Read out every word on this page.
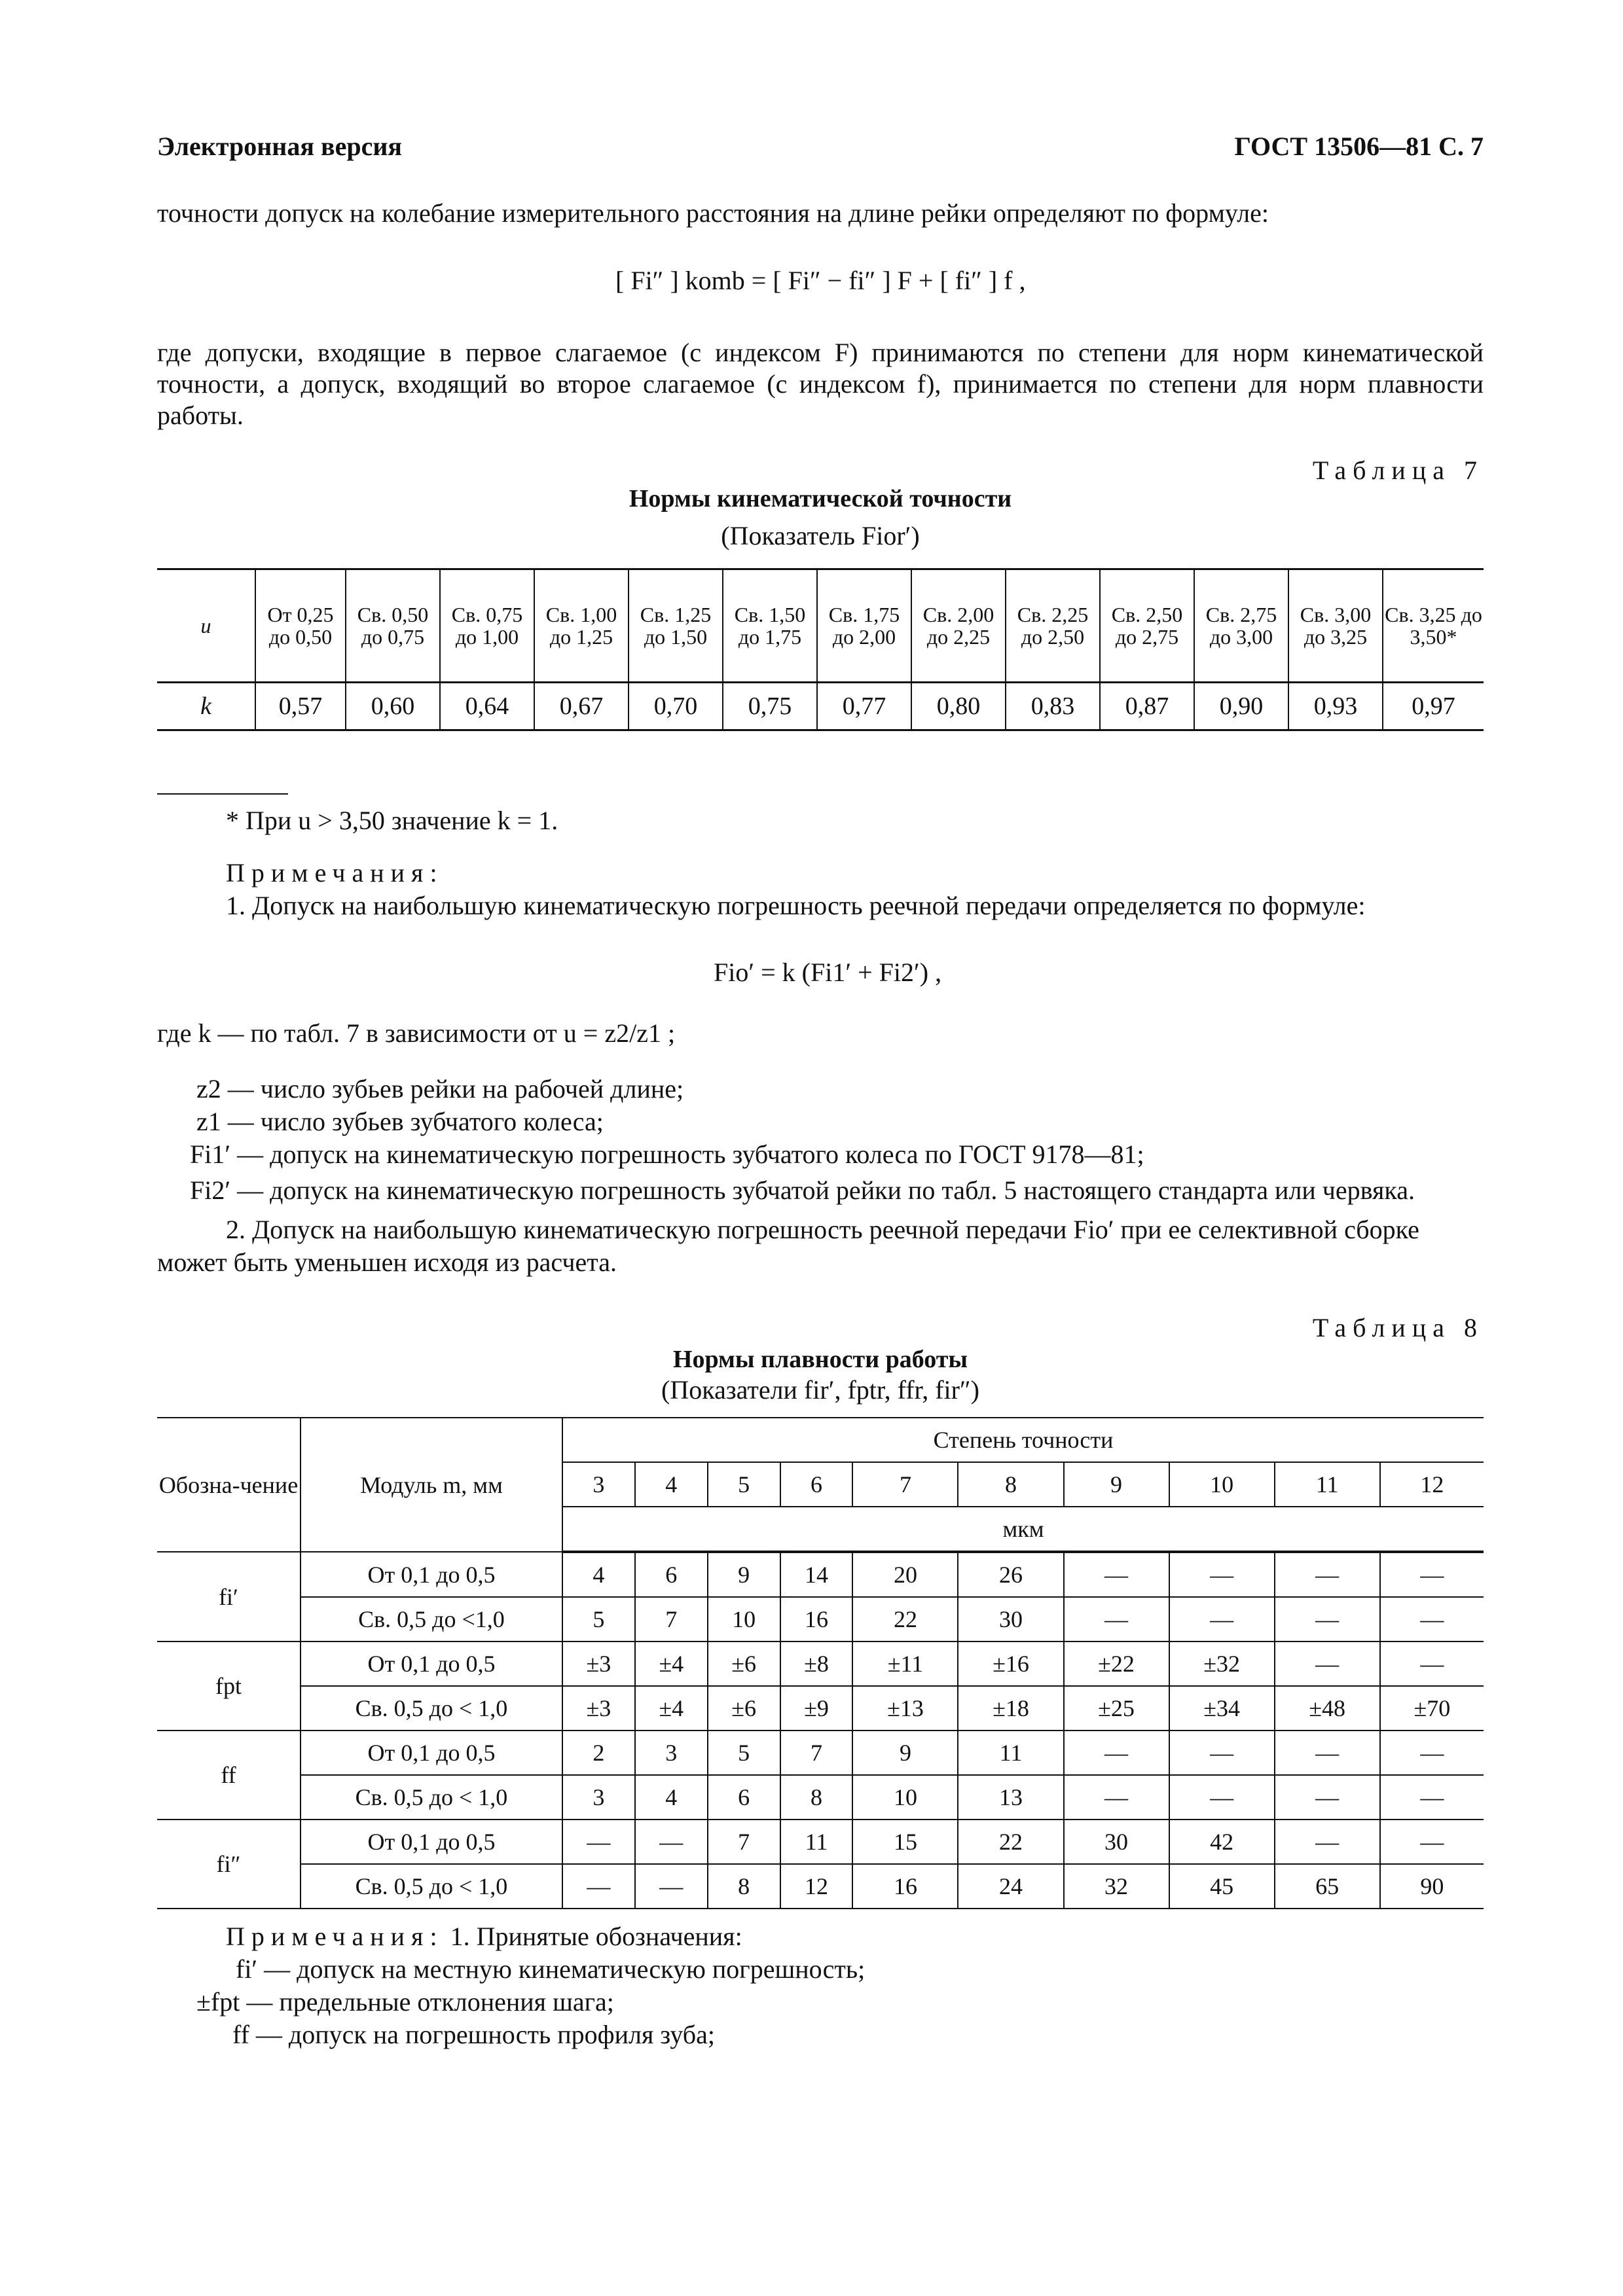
Электронная версия	ГОСТ 13506—81 С. 7
точности допуск на колебание измерительного расстояния на длине рейки определяют по формуле:
[ Fi″ ] komb = [ Fi″ − fi″ ] F + [ fi″ ] f ,
где допуски, входящие в первое слагаемое (с индексом F) принимаются по степени для норм кинематической точности, а допуск, входящий во второе слагаемое (с индексом f), принимается по степени для норм плавности работы.
Таблица 7
Нормы кинематической точности
(Показатель Fior′)
u	От 0,25 до 0,50	Св. 0,50 до 0,75	Св. 0,75 до 1,00	Св. 1,00 до 1,25	Св. 1,25 до 1,50	Св. 1,50 до 1,75	Св. 1,75 до 2,00	Св. 2,00 до 2,25	Св. 2,25 до 2,50	Св. 2,50 до 2,75	Св. 2,75 до 3,00	Св. 3,00 до 3,25	Св. 3,25 до 3,50*
k	0,57	0,60	0,64	0,67	0,70	0,75	0,77	0,80	0,83	0,87	0,90	0,93	0,97
* При u > 3,50 значение k = 1.
Примечания:
1. Допуск на наибольшую кинематическую погрешность реечной передачи определяется по формуле:
Fio′ = k (Fi1′ + Fi2′) ,
где k — по табл. 7 в зависимости от u = z2/z1 ;
z2 — число зубьев рейки на рабочей длине;
z1 — число зубьев зубчатого колеса;
Fi1′ — допуск на кинематическую погрешность зубчатого колеса по ГОСТ 9178—81;
Fi2′ — допуск на кинематическую погрешность зубчатой рейки по табл. 5 настоящего стандарта или червяка.
2. Допуск на наибольшую кинематическую погрешность реечной передачи Fio′ при ее селективной сборке
может быть уменьшен исходя из расчета.
Таблица 8
Нормы плавности работы
(Показатели fir′, fptr, ffr, fir″)
Обозна-чение	Модуль m, мм	Степень точности									
		3	4	5	6	7	8	9	10	11	12
		мкм									
fi′	От 0,1 до 0,5	4	6	9	14	20	26	—	—	—	—
	Св. 0,5 до <1,0	5	7	10	16	22	30	—	—	—	—
fpt	От 0,1 до 0,5	±3	±4	±6	±8	±11	±16	±22	±32	—	—
	Св. 0,5 до < 1,0	±3	±4	±6	±9	±13	±18	±25	±34	±48	±70
ff	От 0,1 до 0,5	2	3	5	7	9	11	—	—	—	—
	Св. 0,5 до < 1,0	3	4	6	8	10	13	—	—	—	—
fi″	От 0,1 до 0,5	—	—	7	11	15	22	30	42	—	—
	Св. 0,5 до < 1,0	—	—	8	12	16	24	32	45	65	90
Примечания: 1. Принятые обозначения:
fi′ — допуск на местную кинематическую погрешность;
±fpt — предельные отклонения шага;
ff — допуск на погрешность профиля зуба;
